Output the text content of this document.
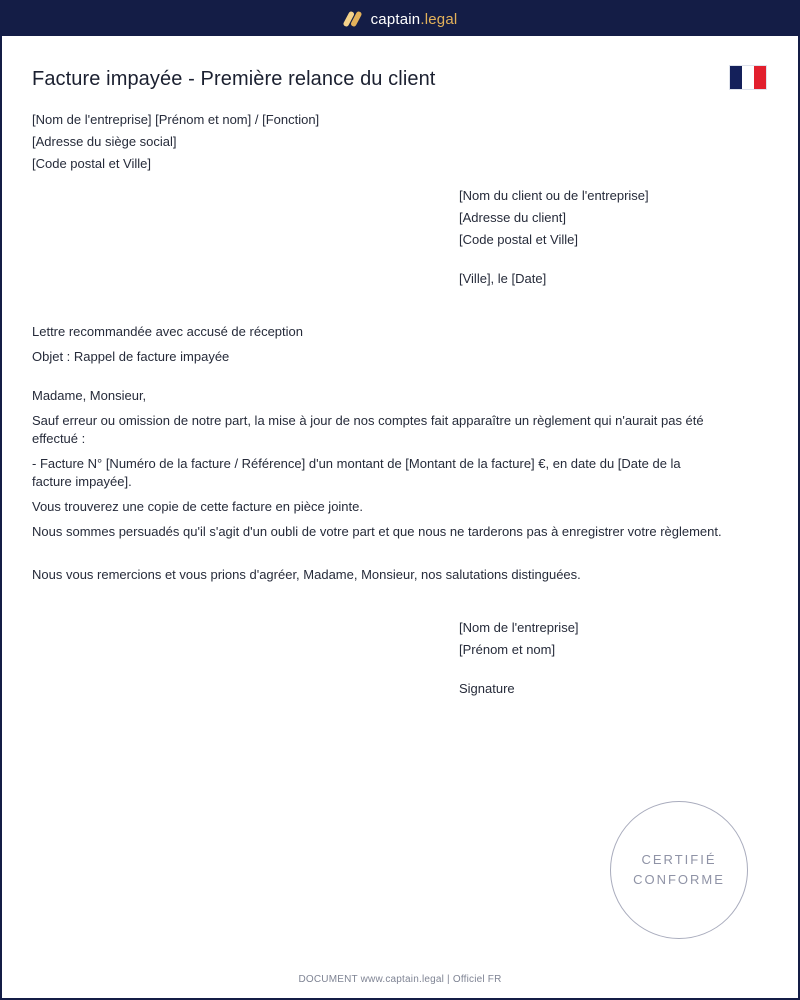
captain.legal
Facture impayée - Première relance du client
[Nom de l'entreprise] [Prénom et nom] / [Fonction]
[Adresse du siège social]
[Code postal et Ville]
[Nom du client ou de l'entreprise]
[Adresse du client]
[Code postal et Ville]
[Ville], le [Date]
Lettre recommandée avec accusé de réception
Objet : Rappel de facture impayée
Madame, Monsieur,
Sauf erreur ou omission de notre part, la mise à jour de nos comptes fait apparaître un règlement qui n'aurait pas été effectué :
- Facture N° [Numéro de la facture / Référence] d'un montant de [Montant de la facture] €, en date du [Date de la facture impayée].
Vous trouverez une copie de cette facture en pièce jointe.
Nous sommes persuadés qu'il s'agit d'un oubli de votre part et que nous ne tarderons pas à enregistrer votre règlement.
Nous vous remercions et vous prions d'agréer, Madame, Monsieur, nos salutations distinguées.
[Nom de l'entreprise]
[Prénom et nom]
Signature
CERTIFIÉ
CONFORME
DOCUMENT www.captain.legal | Officiel FR
